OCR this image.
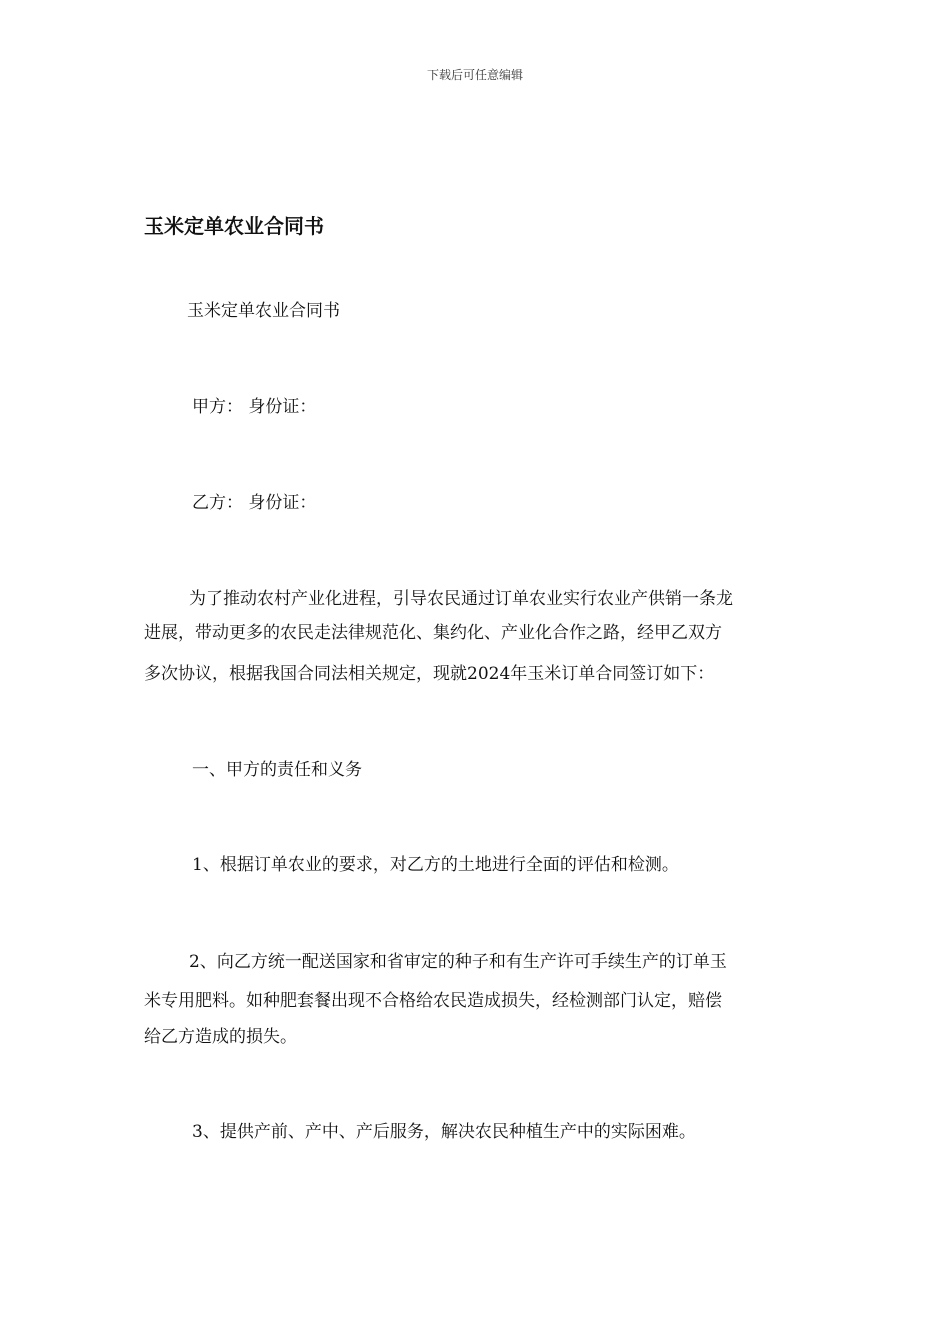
下载后可任意编辑
玉米定单农业合同书

玉米定单农业合同书

甲方： 身份证：

乙方： 身份证：

为了推动农村产业化进程，引导农民通过订单农业实行农业产供销一条龙

进展，带动更多的农民走法律规范化、集约化、产业化合作之路，经甲乙双方

多次协议，根据我国合同法相关规定，现就2024年玉米订单合同签订如下：

一、甲方的责任和义务

1、根据订单农业的要求，对乙方的土地进行全面的评估和检测。

2、向乙方统一配送国家和省审定的种子和有生产许可手续生产的订单玉

米专用肥料。如种肥套餐出现不合格给农民造成损失，经检测部门认定，赔偿

给乙方造成的损失。

3、提供产前、产中、产后服务，解决农民种植生产中的实际困难。
